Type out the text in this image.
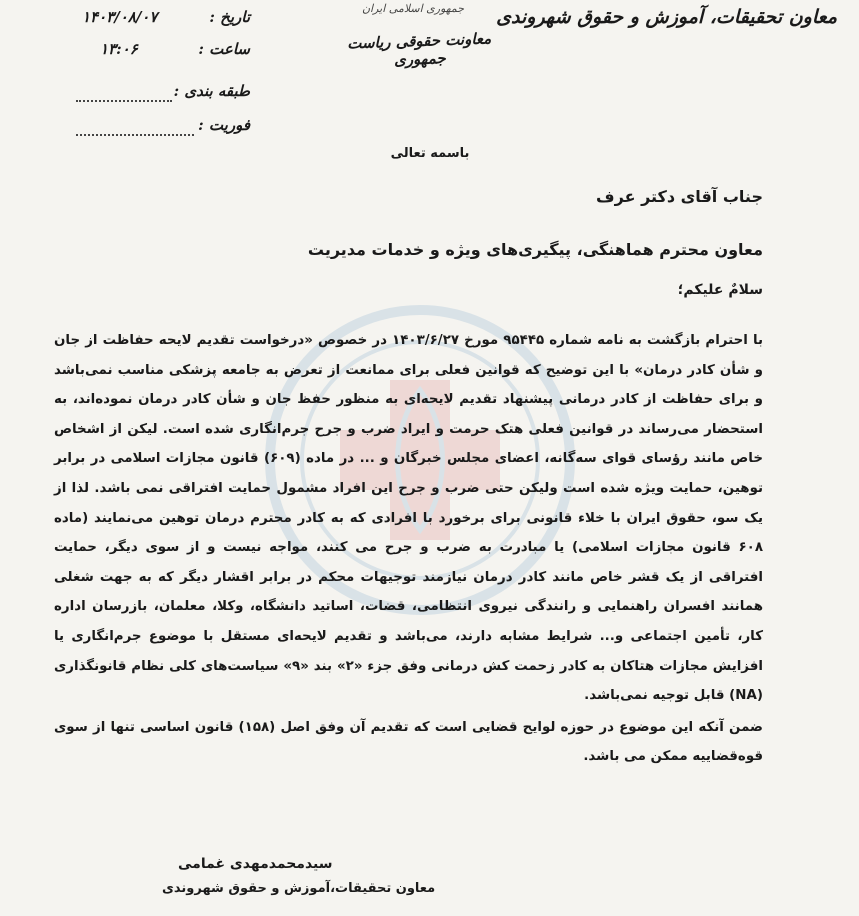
معاون تحقیقات، آموزش و حقوق شهروندی
جمهوری اسلامی ایران
معاونت حقوقی ریاست جمهوری
تاریخ :
۱۴۰۳/۰۸/۰۷
ساعت :
۱۳:۰۶
طبقه بندی :
فوریت :
باسمه تعالی
جناب آقای دکتر عرف
معاون محترم هماهنگی، پیگیری‌های ویژه و خدمات مدیریت
سلامٌ علیکم؛

با احترام بازگشت به نامه شماره ۹۵۴۴۵ مورخ ۱۴۰۳/۶/۲۷ در خصوص «درخواست تقدیم لایحه حفاظت از جان و شأن کادر درمان» با این توضیح که قوانین فعلی برای ممانعت از تعرض به جامعه پزشکی مناسب نمی‌باشد و برای حفاظت از کادر درمانی پیشنهاد تقدیم لایحه‌ای به منظور حفظ جان و شأن کادر درمان نموده‌اند، به استحضار می‌رساند در قوانین فعلی هتک حرمت و ایراد ضرب و جرح جرم‌انگاری شده است. لیکن از اشخاص خاص مانند رؤسای قوای سه‌گانه، اعضای مجلس خبرگان و ... در ماده (۶۰۹) قانون مجازات اسلامی در برابر توهین، حمایت ویژه شده است ولیکن حتی ضرب و جرح این افراد مشمول حمایت افتراقی نمی باشد. لذا از یک سو، حقوق ایران با خلاء قانونی برای برخورد با افرادی که به کادر محترم درمان توهین می‌نمایند (ماده ۶۰۸ قانون مجازات اسلامی) یا مبادرت به ضرب و جرح می کنند، مواجه نیست و از سوی دیگر، حمایت افتراقی از یک قشر خاص مانند کادر درمان نیازمند توجیهات محکم در برابر اقشار دیگر که به جهت شغلی همانند افسران راهنمایی و رانندگی نیروی انتظامی، قضات، اساتید دانشگاه، وکلا، معلمان، بازرسان اداره کار، تأمین اجتماعی و... شرایط مشابه دارند، می‌باشد و تقدیم لایحه‌ای مستقل با موضوع جرم‌انگاری یا افزایش مجازات هتاکان به کادر زحمت کش درمانی وفق جزء «۲» بند «۹» سیاست‌های کلی نظام قانونگذاری (NA) قابل توجیه نمی‌باشد.

ضمن آنکه این موضوع در حوزه لوایح قضایی است که تقدیم آن وفق اصل (۱۵۸) قانون اساسی تنها از سوی قوه‌قضاییه ممکن می باشد.

سیدمحمدمهدی غمامی
معاون تحقیقات،آموزش و حقوق شهروندی
